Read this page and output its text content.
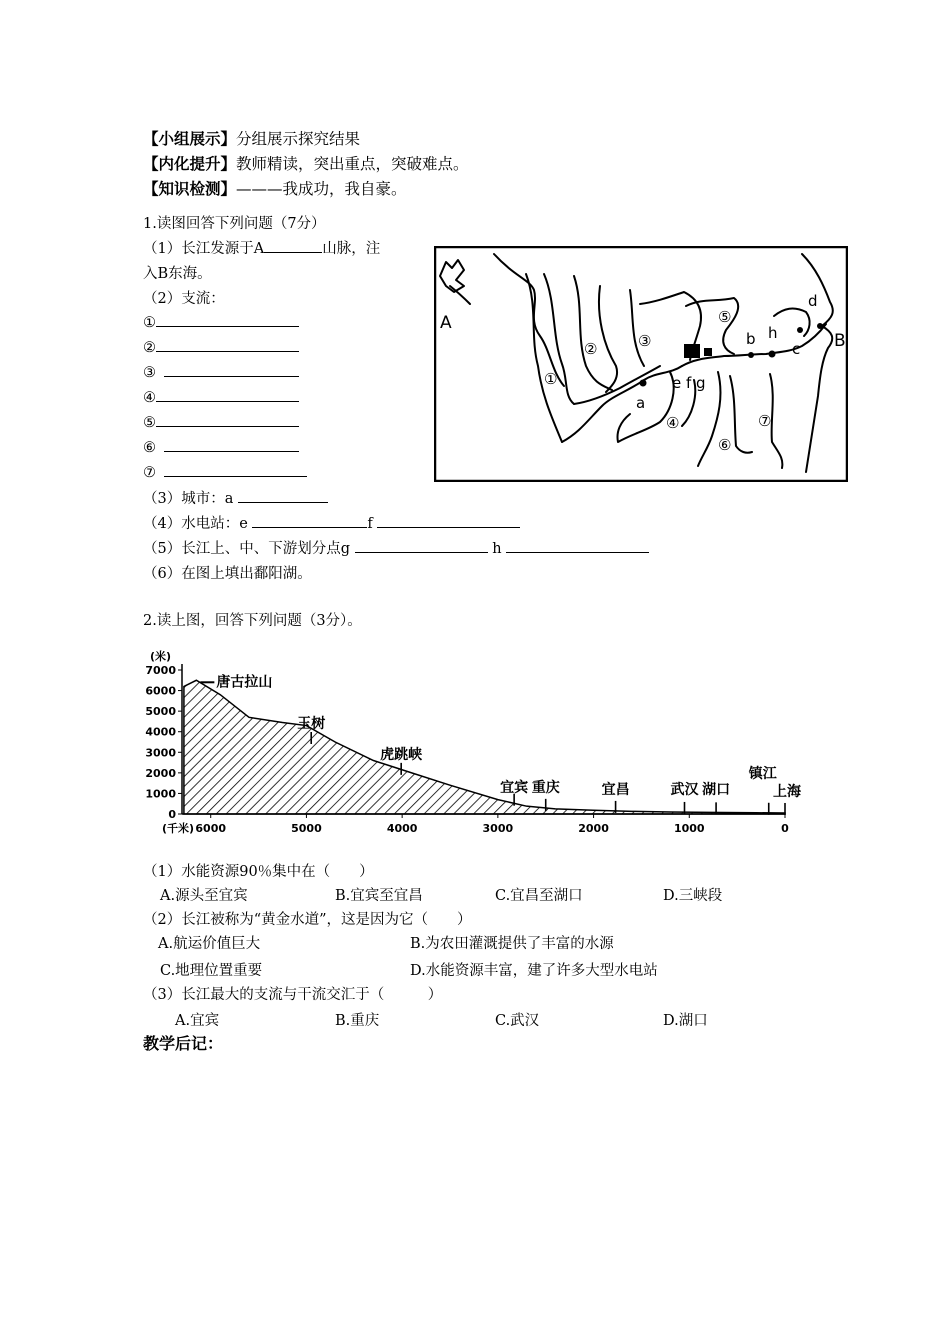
【小组展示】分组展示探究结果
【内化提升】教师精读，突出重点，突破难点。
【知识检测】———我成功，我自豪。
1.读图回答下列问题（7分）
（1）长江发源于A	山脉，注
入B东海。
（2）支流：
①
②
③
④
⑤
⑥
⑦
（3）城市：a
（4）水电站：e	f
（5）长江上、中、下游划分点g	h
（6）在图上填出鄱阳湖。
A
B
a
b
c
d
e f g
h
①
②	③
④
⑤
⑥
⑦
2.读上图，回答下列问题（3分）。
(米)
(千米)
7000
6000
5000
4000
3000
2000
1000
0
6000	5000	4000	3000	2000	1000	0
唐古拉山
玉树
虎跳峡
宜宾 重庆	宜昌	武汉 湖口
镇江
上海
（1）水能资源90％集中在（　　）
A.源头至宜宾	B.宜宾至宜昌	C.宜昌至湖口	D.三峡段
（2）长江被称为“黄金水道”，这是因为它（　　）
A.航运价值巨大	B.为农田灌溉提供了丰富的水源
C.地理位置重要	D.水能资源丰富，建了许多大型水电站
（3）长江最大的支流与干流交汇于（　　　）
A.宜宾	B.重庆	C.武汉	D.湖口
教学后记：
